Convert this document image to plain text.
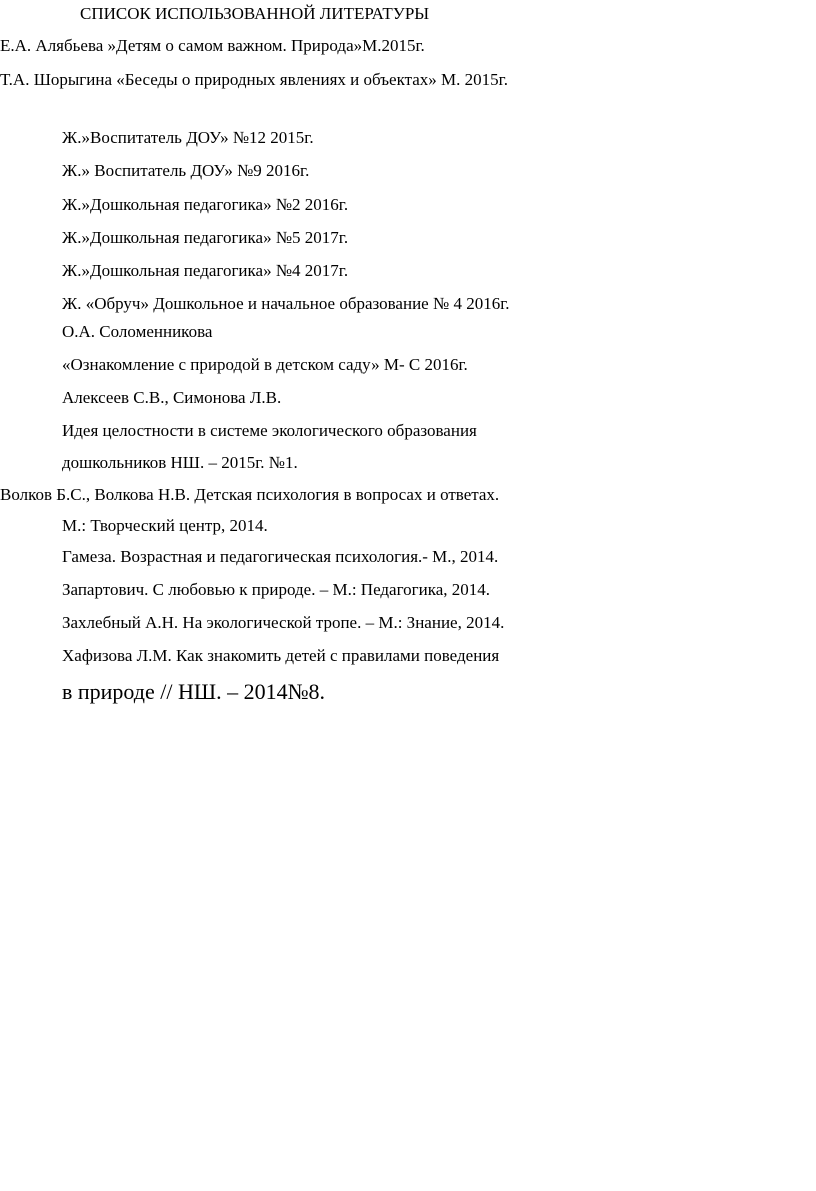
СПИСОК ИСПОЛЬЗОВАННОЙ ЛИТЕРАТУРЫ
Е.А. Алябьева »Детям о самом важном. Природа»М.2015г.
Т.А. Шорыгина «Беседы о природных явлениях и объектах» М. 2015г.
Ж.»Воспитатель ДОУ» №12 2015г.
Ж.» Воспитатель ДОУ» №9 2016г.
Ж.»Дошкольная педагогика» №2 2016г.
Ж.»Дошкольная педагогика» №5 2017г.
Ж.»Дошкольная педагогика» №4 2017г.
Ж. «Обруч» Дошкольное и начальное образование № 4 2016г.
О.А. Соломенникова
«Ознакомление с природой в детском саду» М- С 2016г.
Алексеев С.В., Симонова Л.В.
Идея целостности в системе экологического образования
дошкольников НШ. – 2015г. №1.
Волков Б.С., Волкова Н.В. Детская психология в вопросах и ответах.
М.: Творческий центр, 2014.
Гамеза. Возрастная и педагогическая психология.- М., 2014.
Запартович. С любовью к природе. – М.: Педагогика, 2014.
Захлебный А.Н. На экологической тропе. – М.: Знание, 2014.
Хафизова Л.М. Как знакомить детей с правилами поведения
в природе // НШ. – 2014№8.
